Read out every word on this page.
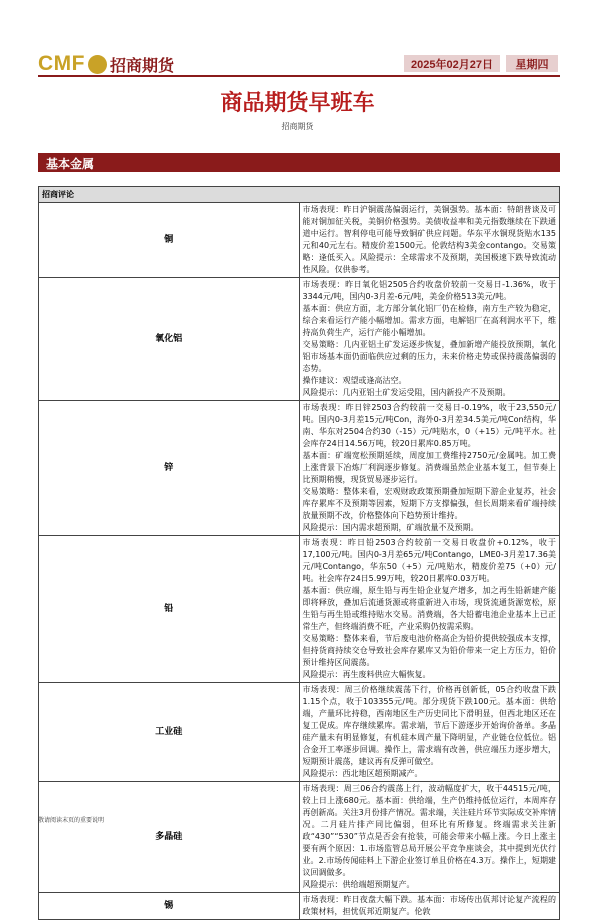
CMF 招商期货	2025年02月27日	星期四
商品期货早班车
招商期货
基本金属
招商评论	
铜	市场表现：昨日沪铜震荡偏弱运行，美铜强势。基本面：特朗普谈及可能对铜加征关税，美铜价格强势。美债收益率和美元指数继续在下跌通道中运行。智利停电可能导致铜矿供应问题。华东平水铜现货贴水135元和40元左右。精废价差1500元。伦敦结构3美金contango。交易策略：逢低买入。风险提示：全球需求不及预期，美国极速下跌导致流动性风险。仅供参考。

氧化铝	市场表现：昨日氧化铝2505合约收盘价较前一交易日-1.36%，收于3344元/吨，国内0-3月差-6元/吨，美金价格513美元/吨。

基本面：供应方面，北方部分氧化铝厂仍在检修，南方生产较为稳定，综合来看运行产能小幅增加。需求方面，电解铝厂在高利润水平下，维持高负荷生产，运行产能小幅增加。

交易策略：几内亚铝土矿发运逐步恢复，叠加新增产能投放预期，氧化铝市场基本面仍面临供应过剩的压力，未来价格走势或保持震荡偏弱的态势。

操作建议：观望或逢高沽空。

风险提示：几内亚铝土矿发运受阻，国内新投产不及预期。

锌	市场表现：昨日锌2503合约较前一交易日-0.19%，收于23,550元/吨。国内0-3月差15元/吨Con，海外0-3月差34.5美元/吨Con结构，华南、华东对2504合约30（-15）元/吨贴水，0（+15）元/吨平水。社会库存24日14.56万吨，较20日累库0.85万吨。

基本面：矿端宽松预期延续，周度加工费维持2750元/金属吨。加工费上涨背景下冶炼厂利润逐步修复。消费端虽然企业基本复工，但节奏上比预期稍慢，现货贸易逐步运行。

交易策略：整体来看，宏观财政政策预期叠加短期下游企业复苏，社会库存累库不及预期等因素，短期下方支撑偏强，但长周期来看矿端持续放量预期不改，价格整体向下趋势预计维持。

风险提示：国内需求超预期，矿端放量不及预期。

铅	市场表现：昨日铅2503合约较前一交易日收盘价+0.12%，收于17,100元/吨。国内0-3月差65元/吨Contango，LME0-3月差17.36美元/吨Contango，华东50（+5）元/吨贴水，精废价差75（+0）元/吨。社会库存24日5.99万吨，较20日累库0.03万吨。

基本面：供应端，原生铅与再生铅企业复产增多，加之再生铅新建产能即将释放，叠加后流通货源或将重新进入市场，现货流通货源宽松，原生铅与再生铅或维持贴水交易。消费端，各大铅蓄电池企业基本上已正常生产，但终端消费不旺，产业采购仍按需采购。

交易策略：整体来看，节后废电池价格高企为铅价提供较强成本支撑，但持货商持续交仓导致社会库存累库又为铅价带来一定上方压力，铅价预计维持区间震荡。

风险提示：再生废料供应大幅恢复。

工业硅	市场表现：周三价格继续震荡下行，价格再创新低，05合约收盘下跌1.15个点，收于103355元/吨。部分现货下跌100元。基本面：供给端，产量环比持稳，西南地区生产历史同比下滑明显，但西北地区还在复工促成。库存继续累库。需求端，节后下游逐步开始询价备单。多晶硅产量未有明显修复，有机硅本周产量下降明显，产业链仓位低位。铝合金开工率逐步回调。操作上，需求端有改善，供应端压力逐步增大，短期预计震荡，建议再有反弹可做空。

风险提示：西北地区超预期减产。

多晶硅	市场表现：周三06合约震荡上行，波动幅度扩大，收于44515元/吨，较上日上涨680元。基本面：供给端，生产仍维持低位运行，本周库存再创新高。关注3月份排产情况。需求端，关注硅片环节实际成交补库情况。二月硅片排产同比偏弱，但环比有所修复。终端需求关注新政“430”“530”节点是否会有抢装，可能会带来小幅上涨。今日上涨主要有两个原因：1.市场监管总局开展公平竞争座谈会，其中提到光伏行业。2.市场传闻硅料上下游企业签订单且价格在4.3万。操作上，短期建议回调做多。

风险提示：供给端超预期复产。

锡	市场表现：昨日夜盘大幅下跌。基本面：市场传出佤邦讨论复产流程的政策材料，担忧佤邦近期复产。伦敦

敬请阅读末页的重要说明
